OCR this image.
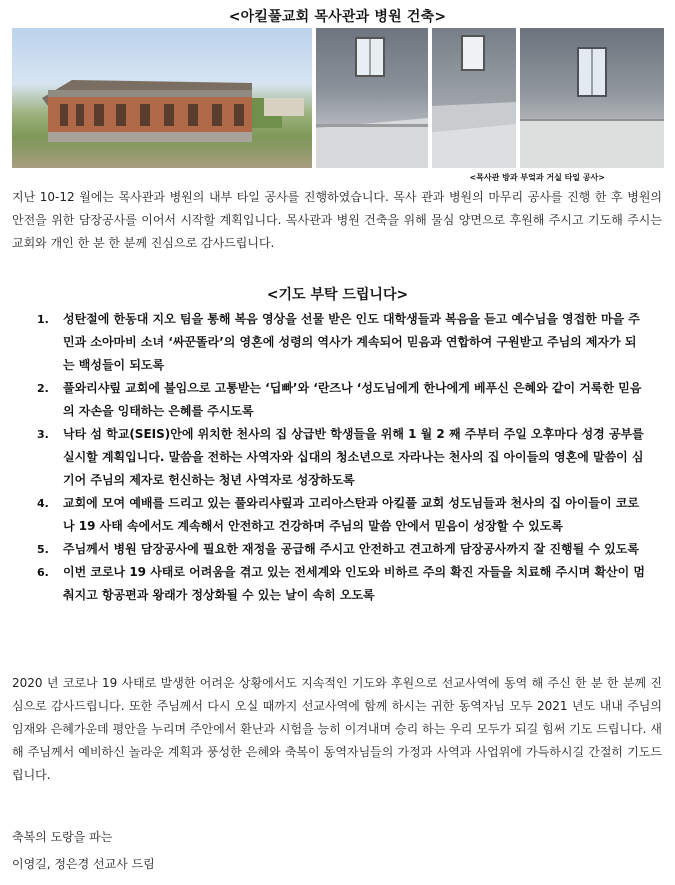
<아킬풀교회 목사관과 병원 건축>
<목사관 방과 부엌과 거실 타일 공사>
지난 10-12 월에는 목사관과 병원의 내부 타일 공사를 진행하였습니다. 목사 관과 병원의 마무리 공사를 진행 한 후 병원의 안전을 위한 담장공사를 이어서 시작할 계획입니다. 목사관과 병원 건축을 위해 물심 양면으로 후원해 주시고 기도해 주시는 교회와 개인 한 분 한 분께 진심으로 감사드립니다.
<기도 부탁 드립니다>
1. 성탄절에 한동대 지오 팀을 통해 복음 영상을 선물 받은 인도 대학생들과 복음을 듣고 예수님을 영접한 마을 주민과 소아마비 소녀 ‘싸꾼똘라’의 영혼에 성령의 역사가 계속되어 믿음과 연합하여 구원받고 주님의 제자가 되는 백성들이 되도록
2. 풀와리샤맆 교회에 불임으로 고통받는 ‘딥빠’와 ‘란즈나 ‘성도님에게 한나에게 베푸신 은혜와 같이 거룩한 믿음의 자손을 잉태하는 은혜를 주시도록
3. 낙타 섬 학교(SEIS)안에 위치한 천사의 집 상급반 학생들을 위해 1 월 2 째 주부터 주일 오후마다 성경 공부를 실시할 계획입니다. 말씀을 전하는 사역자와 십대의 청소년으로 자라나는 천사의 집 아이들의 영혼에 말씀이 심기어 주님의 제자로 헌신하는 청년 사역자로 성장하도록
4. 교회에 모여 예배를 드리고 있는 풀와리샤맆과 고리아스탄과 아킬풀 교회 성도님들과 천사의 집 아이들이 코로나 19 사태 속에서도 계속해서 안전하고 건강하며 주님의 말씀 안에서 믿음이 성장할 수 있도록
5. 주님께서 병원 담장공사에 필요한 재정을 공급해 주시고 안전하고 견고하게 담장공사까지 잘 진행될 수 있도록
6. 이번 코로나 19 사태로 어려움을 겪고 있는 전세계와 인도와 비하르 주의 확진 자들을 치료해 주시며 확산이 멈춰지고 항공편과 왕래가 정상화될 수 있는 날이 속히 오도록
2020 년 코로나 19 사태로 발생한 어려운 상황에서도 지속적인 기도와 후원으로 선교사역에 동역 해 주신 한 분 한 분께 진심으로 감사드립니다. 또한 주님께서 다시 오실 때까지 선교사역에 함께 하시는 귀한 동역자님 모두 2021 년도 내내 주님의 임재와 은혜가운데 평안을 누리며 주안에서 환난과 시험을 능히 이겨내며 승리 하는 우리 모두가 되길 힘써 기도 드립니다. 새해 주님께서 예비하신 놀라운 계획과 풍성한 은혜와 축복이 동역자님들의 가정과 사역과 사업위에 가득하시길 간절히 기도드립니다.
축복의 도랑을 파는
이영길, 정은경 선교사 드림
